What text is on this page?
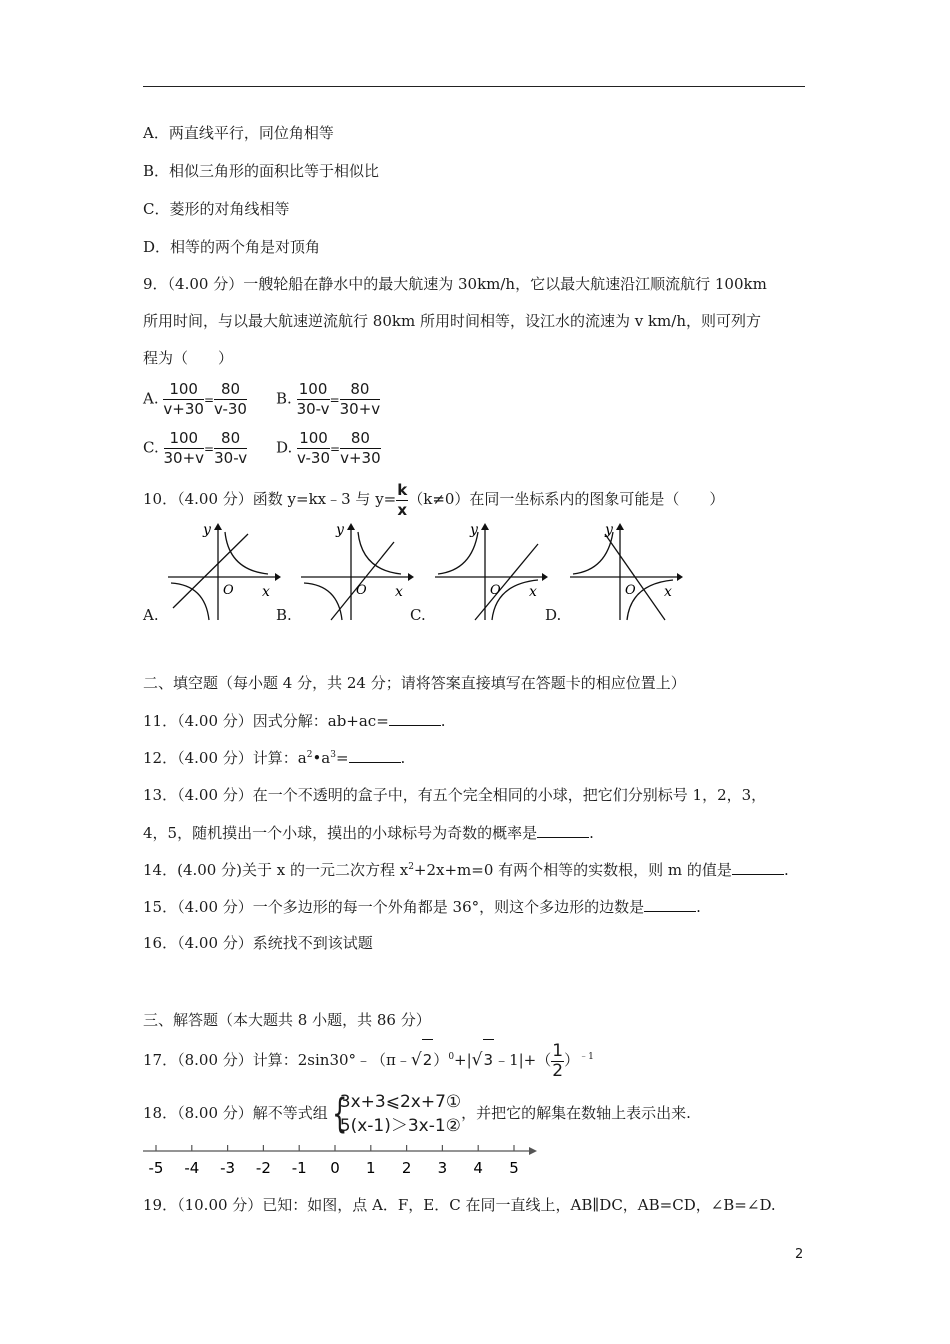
A．两直线平行，同位角相等
B．相似三角形的面积比等于相似比
C．菱形的对角线相等
D．相等的两个角是对顶角
9．（4.00 分）一艘轮船在静水中的最大航速为 30km/h，它以最大航速沿江顺流航行 100km
所用时间，与以最大航速逆流航行 80km 所用时间相等，设江水的流速为 v km/h，则可列方
程为（　　）
A. $\frac{100}{v+30} = \frac{80}{v-30} B$. $\frac{100}{30-v} = \frac{80}{30+v}$
C. $\frac{100}{30+v} = \frac{80}{30-v} D$. $\frac{100}{v-30} = \frac{80}{v+30}$
10．（4.00 分）函数 y=kx﹣3 与 $y= \frac{k}{x} (k\ne 0)$在同一坐标系内的图象可能是（　　）
y
x
O
A.
y
x
O
B.
y
x
O
C.
y
x
O
D.
二、填空题（每小题 4 分，共 24 分；请将答案直接填写在答题卡的相应位置上）
11．（4.00 分）因式分解：ab+ac=	.
12．（4.00 分）计算：$a^2•a^3=$	.
13．（4.00 分）在一个不透明的盒子中，有五个完全相同的小球，把它们分别标号 1，2，3，
4，5，随机摸出一个小球，摸出的小球标号为奇数的概率是	.
14．(4.00 分)关于 x 的一元二次方程 $x^2+2x+m=0$ 有两个相等的实数根，则 m 的值是	.
15．（4.00 分）一个多边形的每一个外角都是 36°，则这个多边形的边数是	.
16．（4.00 分）系统找不到该试题
三、解答题（本大题共 8 小题，共 86 分）
17．（8.00 分）计算：2sin30°﹣（π﹣√2）$^0$+|√3﹣1|+（ $\frac{1}{2} )^{﹣1}$
18．（8.00 分）解不等式组 {
3x+3⩽2x+7①
5(x-1)＞3x-1②
，并把它的解集在数轴上表示出来.
-5 -4 -3 -2 -1 0 1 2 3 4 5
19．（10.00 分）已知：如图，点 A．F，E．C 在同一直线上，AB∥DC，AB=CD，∠B=∠D.
2
